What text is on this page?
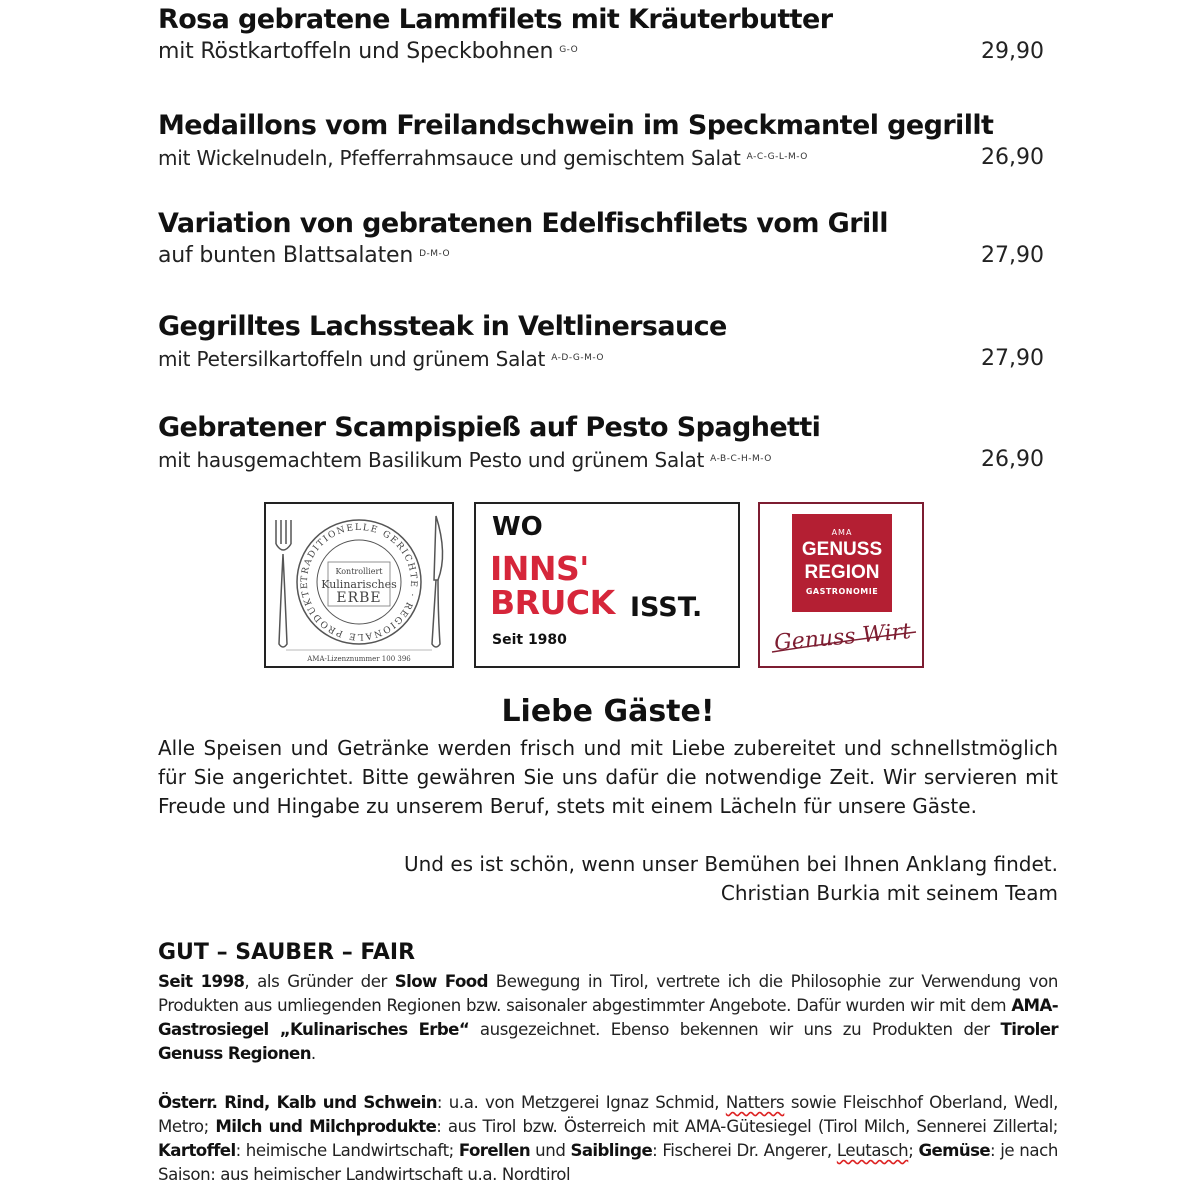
Rosa gebratene Lammfilets mit Kräuterbutter
mit Röstkartoffeln und Speckbohnen $^{G-O}$	29,90
Medaillons vom Freilandschwein im Speckmantel gegrillt
mit Wickelnudeln, Pfefferrahmsauce und gemischtem Salat $^{A-C-G-L-M-O}$	26,90
Variation von gebratenen Edelfischfilets vom Grill
auf bunten Blattsalaten $^{D-M-O}$	27,90
Gegrilltes Lachssteak in Veltlinersauce
mit Petersilkartoffeln und grünem Salat $^{A-D-G-M-O}$	27,90
Gebratener Scampispieß auf Pesto Spaghetti
mit hausgemachtem Basilikum Pesto und grünem Salat $^{A-B-C-H-M-O}$	26,90
TRADITIONELLE GERICHTE · REGIONALE PRODUKTE
Kontrolliert
Kulinarisches
ERBE
AMA-Lizenznummer 100 396
WO
INNS'
BRUCK ISST.
Seit 1980
AMA
GENUSS
REGION
GASTRONOMIE
Genuss Wirt
Liebe Gäste!
Alle Speisen und Getränke werden frisch und mit Liebe zubereitet und schnellstmöglich für Sie angerichtet. Bitte gewähren Sie uns dafür die notwendige Zeit. Wir servieren mit Freude und Hingabe zu unserem Beruf, stets mit einem Lächeln für unsere Gäste.
Und es ist schön, wenn unser Bemühen bei Ihnen Anklang findet.
Christian Burkia mit seinem Team
GUT – SAUBER – FAIR
Seit 1998, als Gründer der Slow Food Bewegung in Tirol, vertrete ich die Philosophie zur Verwendung von Produkten aus umliegenden Regionen bzw. saisonaler abgestimmter Angebote. Dafür wurden wir mit dem AMA-Gastrosiegel „Kulinarisches Erbe“ ausgezeichnet. Ebenso bekennen wir uns zu Produkten der Tiroler Genuss Regionen.
Österr. Rind, Kalb und Schwein: u.a. von Metzgerei Ignaz Schmid, Natters sowie Fleischhof Oberland, Wedl, Metro; Milch und Milchprodukte: aus Tirol bzw. Österreich mit AMA-Gütesiegel (Tirol Milch, Sennerei Zillertal; Kartoffel: heimische Landwirtschaft; Forellen und Saiblinge: Fischerei Dr. Angerer, Leutasch; Gemüse: je nach Saison: aus heimischer Landwirtschaft u.a. Nordtirol
